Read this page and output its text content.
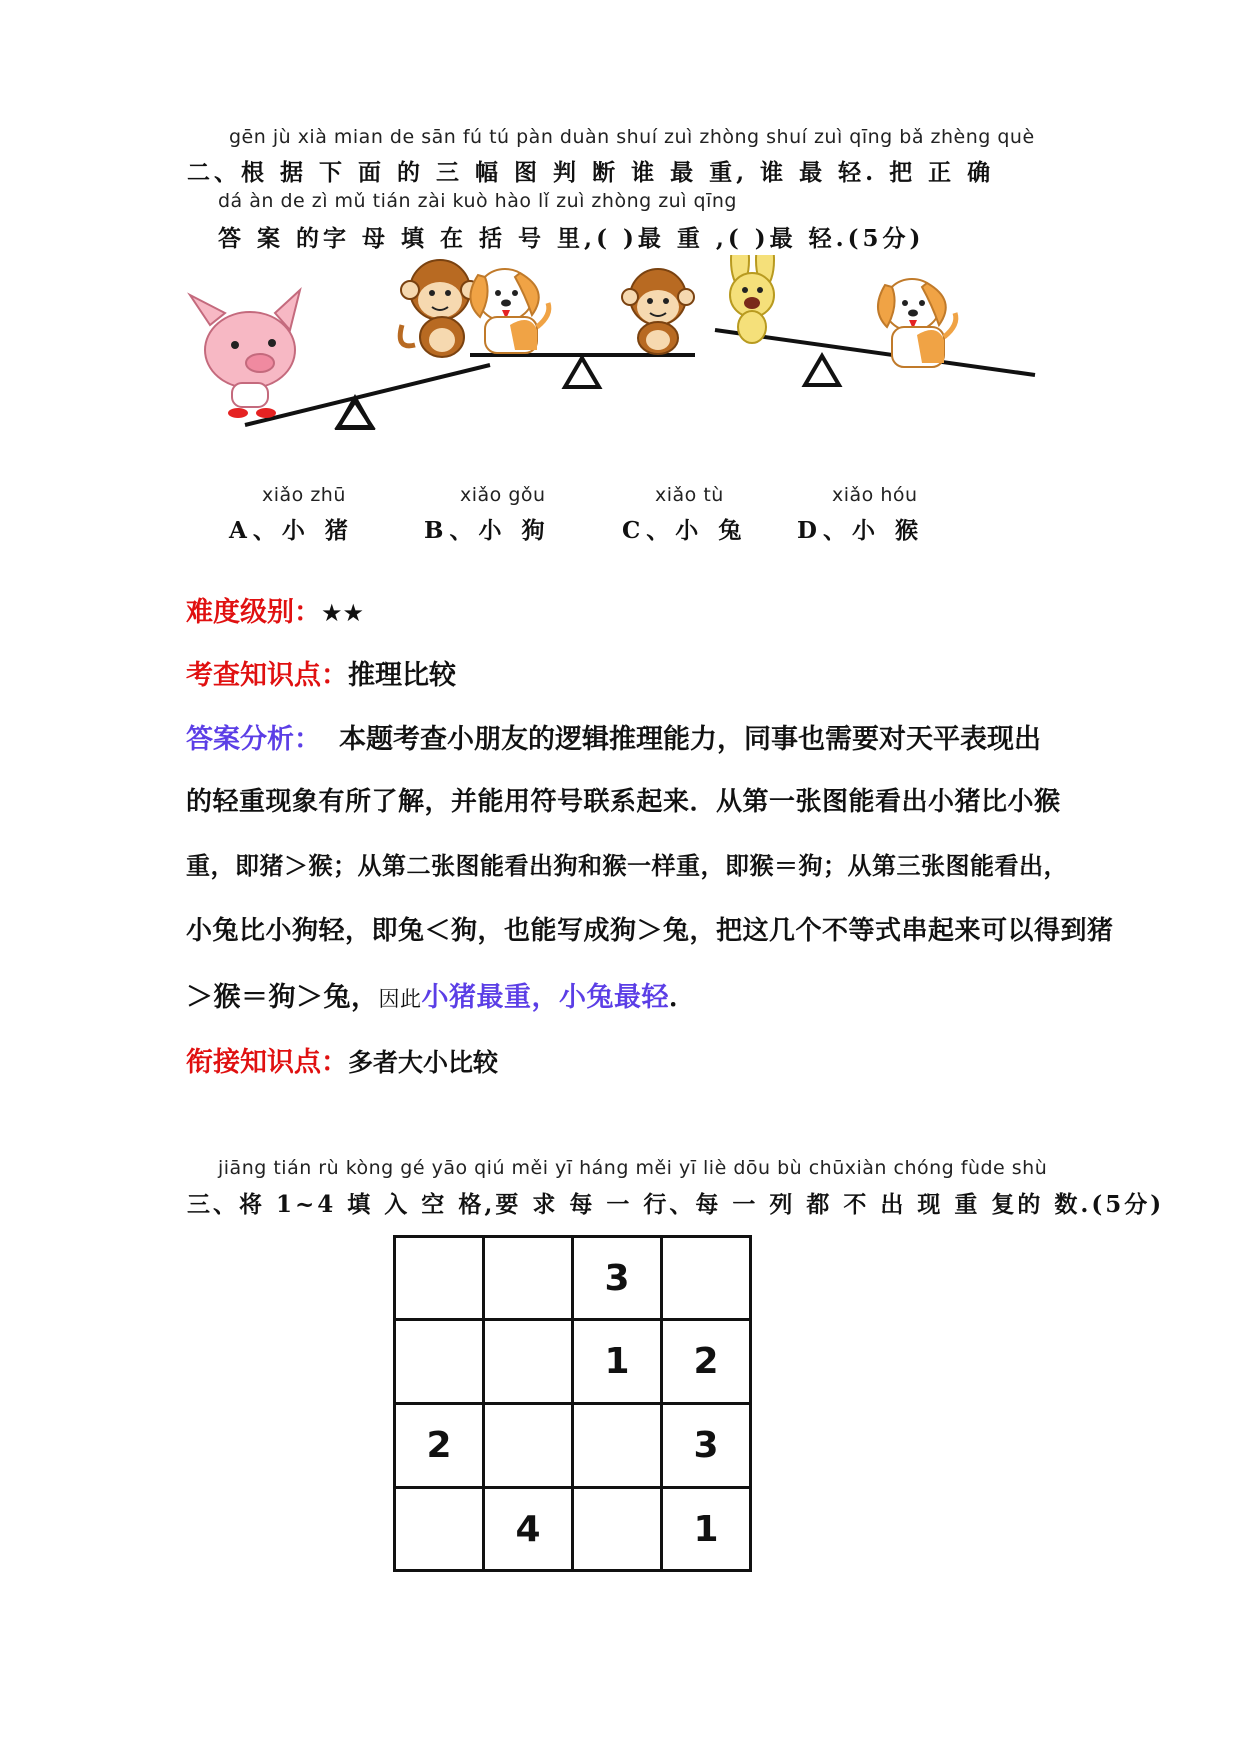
gēn jù xià mian de sān fú tú pàn duàn shuí zuì zhòng shuí zuì qīng bǎ zhèng què
二、根 据 下 面 的 三 幅 图 判 断 谁 最 重, 谁 最 轻. 把 正 确
dá àn de zì mǔ tián zài kuò hào lǐ zuì zhòng zuì qīng
答 案 的字 母 填 在 括 号 里,( )最 重 ,( )最 轻.(5分)
xiǎo zhū
A、小 猪
xiǎo gǒu
B、小 狗
xiǎo tù
C、小 兔
xiǎo hóu
D、小 猴
难度级别：★★
考查知识点：推理比较
答案分析： 本题考查小朋友的逻辑推理能力，同事也需要对天平表现出
的轻重现象有所了解，并能用符号联系起来．从第一张图能看出小猪比小猴
重，即猪＞猴；从第二张图能看出狗和猴一样重，即猴＝狗；从第三张图能看出，
小兔比小狗轻，即兔＜狗，也能写成狗＞兔，把这几个不等式串起来可以得到猪
＞猴＝狗＞兔，因此小猪最重，小兔最轻．
衔接知识点：多者大小比较
jiāng tián rù kòng gé yāo qiú měi yī háng měi yī liè dōu bù chūxiàn chóng fùde shù
三、将 1~4 填 入 空 格,要 求 每 一 行、每 一 列 都 不 出 现 重 复的 数.(5分)
		3	
		1	2
2			3
	4		1
